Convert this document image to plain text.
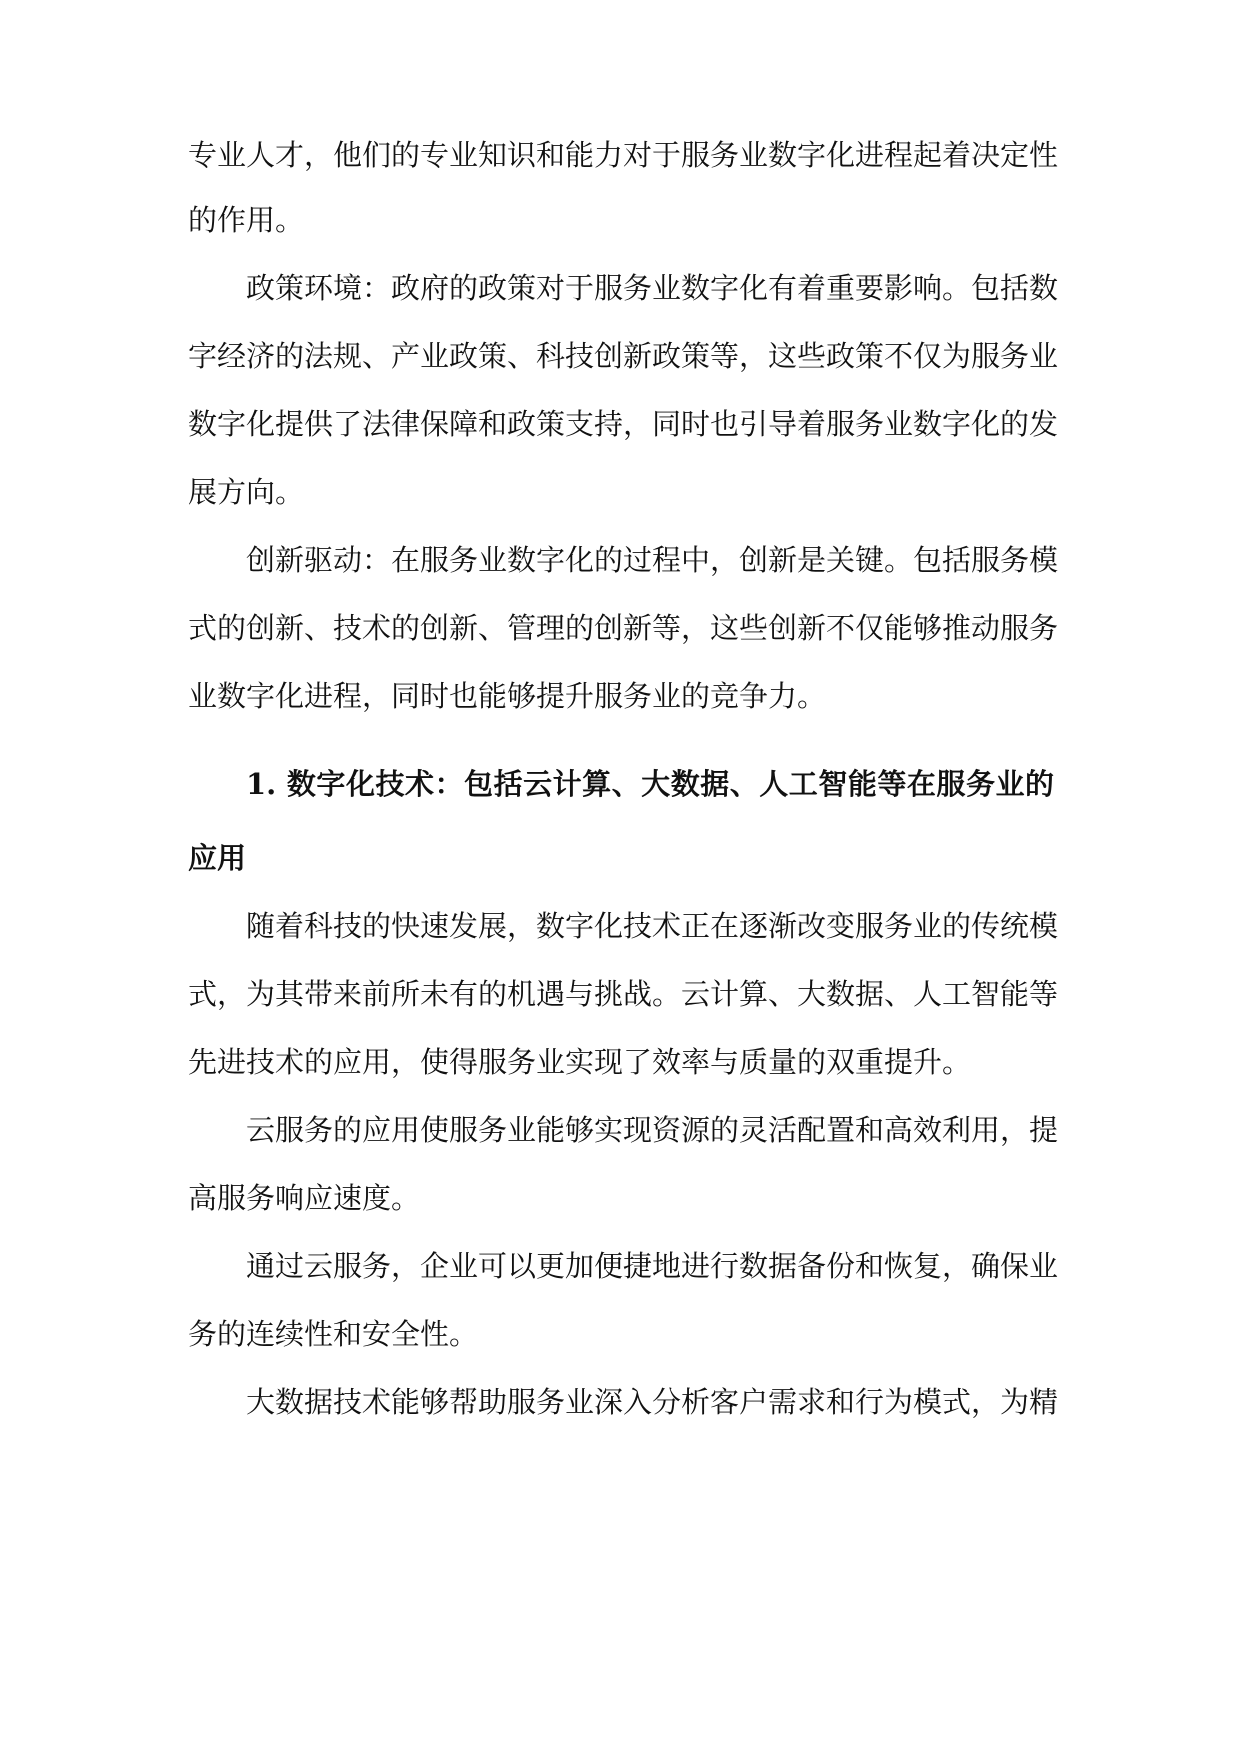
专业人才，他们的专业知识和能力对于服务业数字化进程起着决定性
的作用。
政策环境：政府的政策对于服务业数字化有着重要影响。包括数
字经济的法规、产业政策、科技创新政策等，这些政策不仅为服务业
数字化提供了法律保障和政策支持，同时也引导着服务业数字化的发
展方向。
创新驱动：在服务业数字化的过程中，创新是关键。包括服务模
式的创新、技术的创新、管理的创新等，这些创新不仅能够推动服务
业数字化进程，同时也能够提升服务业的竞争力。
1. 数字化技术：包括云计算、大数据、人工智能等在服务业的
应用
随着科技的快速发展，数字化技术正在逐渐改变服务业的传统模
式，为其带来前所未有的机遇与挑战。云计算、大数据、人工智能等
先进技术的应用，使得服务业实现了效率与质量的双重提升。
云服务的应用使服务业能够实现资源的灵活配置和高效利用，提
高服务响应速度。
通过云服务，企业可以更加便捷地进行数据备份和恢复，确保业
务的连续性和安全性。
大数据技术能够帮助服务业深入分析客户需求和行为模式，为精
